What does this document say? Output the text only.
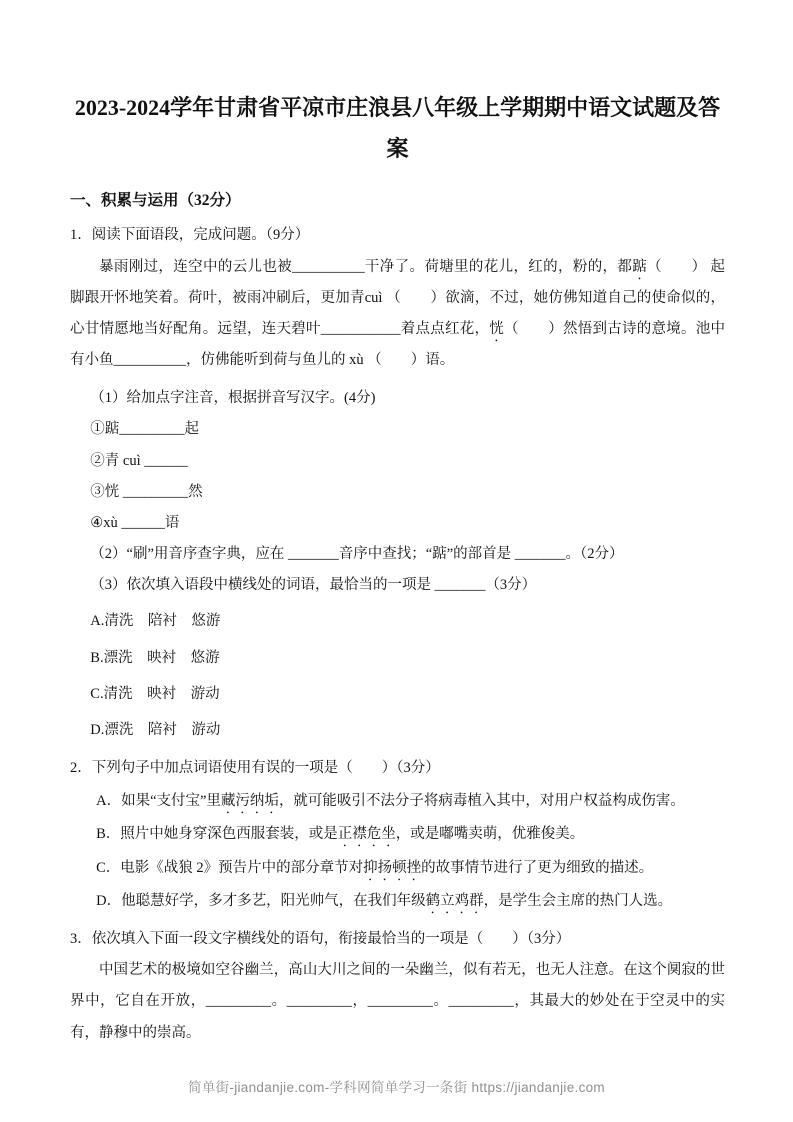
2023-2024学年甘肃省平凉市庄浪县八年级上学期期中语文试题及答案
一、积累与运用（32分）

1．阅读下面语段，完成问题。（9分）

暴雨刚过，连空中的云儿也被__________干净了。荷塘里的花儿，红的，粉的，都踮（　　） 起脚跟开怀地笑着。荷叶，被雨冲刷后，更加青cuì （　　）欲滴，不过，她仿佛知道自己的使命似的，心甘情愿地当好配角。远望，连天碧叶___________着点点红花，恍（　　）然悟到古诗的意境。池中有小鱼__________，仿佛能听到荷与鱼儿的 xù （　　）语。

（1）给加点字注音，根据拼音写汉字。(4分)

①踮_________起

②青 cuì ______

③恍 _________然

④xù ______语

（2）“刷”用音序查字典，应在 _______音序中查找；“踮”的部首是 _______。（2分）

（3）依次填入语段中横线处的词语，最恰当的一项是 _______（3分）

A.清洗　陪衬　悠游

B.漂洗　映衬　悠游

C.清洗　映衬　游动

D.漂洗　陪衬　游动

2．下列句子中加点词语使用有误的一项是（　　）（3分）

A．如果“支付宝”里藏污纳垢，就可能吸引不法分子将病毒植入其中，对用户权益构成伤害。

B．照片中她身穿深色西服套装，或是正襟危坐，或是嘟嘴卖萌，优雅俊美。

C．电影《战狼 2》预告片中的部分章节对抑扬顿挫的故事情节进行了更为细致的描述。

D．他聪慧好学，多才多艺，阳光帅气，在我们年级鹤立鸡群，是学生会主席的热门人选。

3．依次填入下面一段文字横线处的语句，衔接最恰当的一项是（　　）（3分）

中国艺术的极境如空谷幽兰，高山大川之间的一朵幽兰，似有若无，也无人注意。在这个阒寂的世界中，它自在开放，_________。_________，_________。_________，其最大的妙处在于空灵中的实有，静穆中的崇高。

简单街-jiandanjie.com-学科网简单学习一条街 https://jiandanjie.com
